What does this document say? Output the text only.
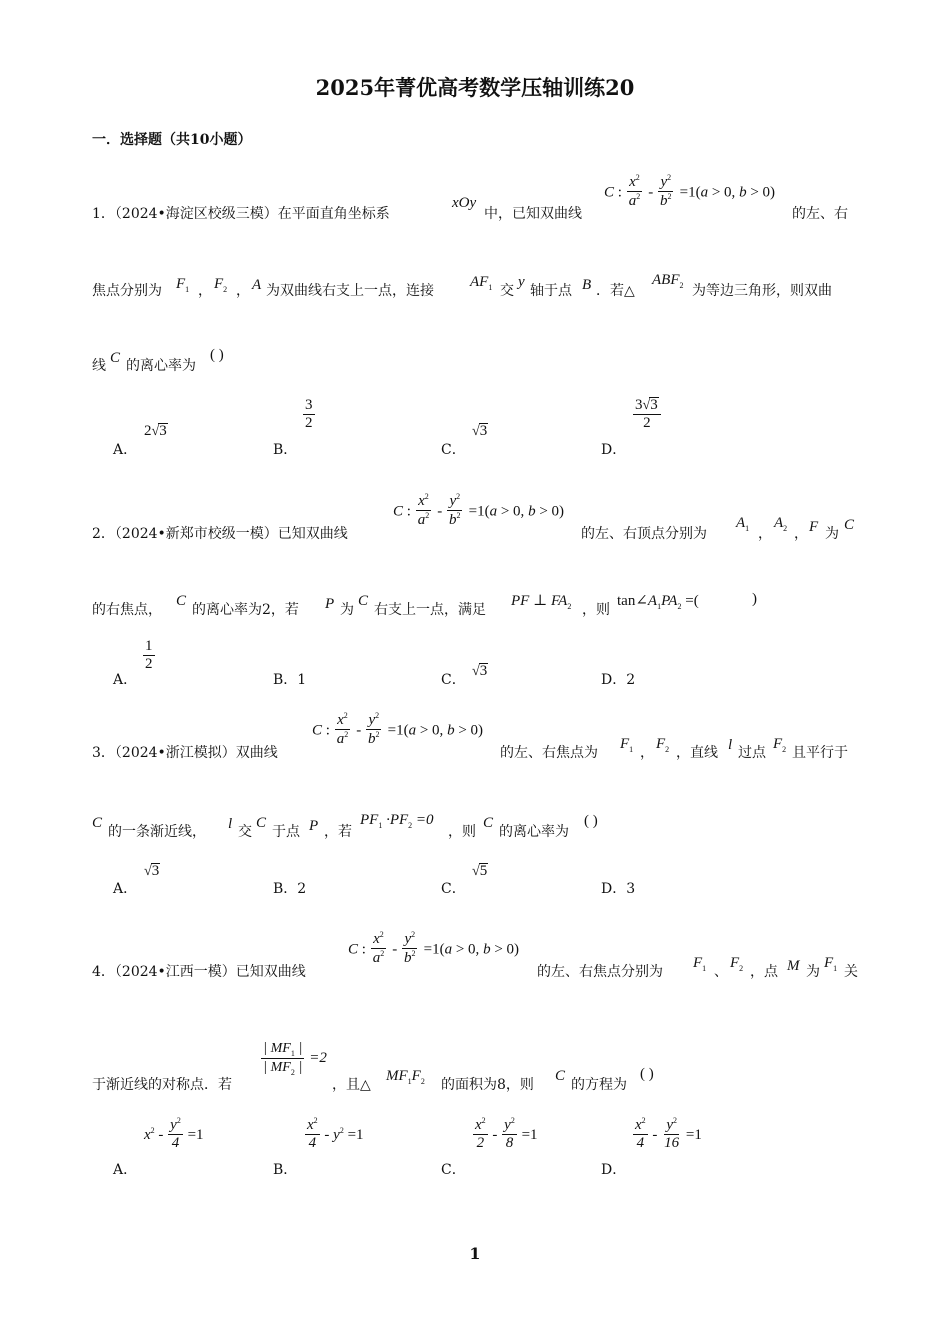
2025年菁优高考数学压轴训练20
一．选择题（共10小题）
1．（2024•海淀区校级三模）在平面直角坐标系
xOy
中，已知双曲线
C : $\frac{x^2}{a^2} - \frac{y^2}{b^2} =1(a > 0$, b > 0)
的左、右
焦点分别为 $F_1$ ， $F_2$ ， A 为双曲线右支上一点，连接
$AF_1$ 交
y
轴于点 B ．若△
$ABF_2$ 为等边三角形，则双曲
线 C 的离心率为
( )
A．
2 √ 3
B．
$\frac{3}{2}$
C．
√ 3
D．
$\frac{3 √ 3}{2}$
2．（2024•新郑市校级一模）已知双曲线
C : $\frac{x^2}{a^2} - \frac{y^2}{b^2} =1(a > 0$, b > 0)
的左、右顶点分别为
$A_1$ ，
$A_2$ ， F 为
C
的右焦点，
C
的离心率为2，若 P 为
C
右支上一点，满足
PF ⊥ $FA_2$ ，则
$\tan\angle A_1PA_2$ =(	)
A．
$\frac{1}{2}$
B．1	C．
√ 3
D．2
3．（2024•浙江模拟）双曲线
C : $\frac{x^2}{a^2} - \frac{y^2}{b^2} =1(a > 0$, b > 0)
的左、右焦点为
$F_1$ ，
$F_2$ ，直线 l 过点
$F_2$ 且平行于
C
的一条渐近线， l 交
C
于点 P ，若
$PF_1 \cdot PF_2 =0$
，则
C
的离心率为
( )
A．
√ 3
B．2	C．
√ 5
D．3
4．（2024•江西一模）已知双曲线
C : $\frac{x^2}{a^2} - \frac{y^2}{b^2} =1(a > 0$, b > 0)
的左、右焦点分别为
$F_1$ 、
$F_2$ ，点 M 为
$F_1$ 关
于渐近线的对称点．若
$\frac{| MF_1 |}{| MF_2 |} =2$
，且△
$MF_1F_2$ 的面积为8，则
C
的方程为
( )
A．
$x^2 - \frac{y^2}{4} =1$
B．
$\frac{x^2}{4} - y^2 =1$
C．
$\frac{x^2}{2} - \frac{y^2}{8} =1$
D．
$\frac{x^2}{4} - \frac{y^2}{16} =1$
1
